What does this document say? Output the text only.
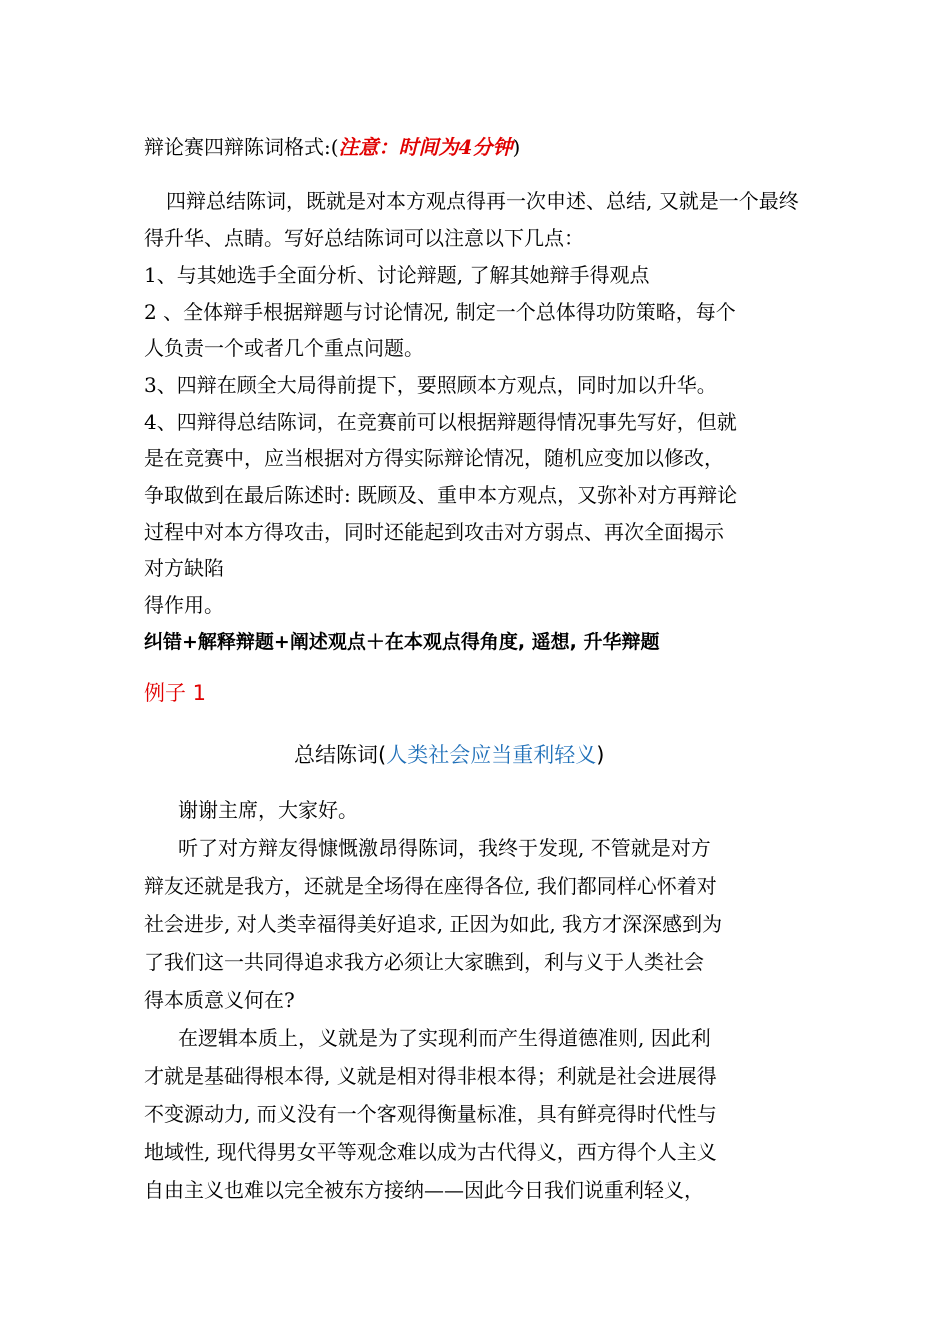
辩论赛四辩陈词格式:(注意：时间为4分钟)
四辩总结陈词，既就是对本方观点得再一次申述、总结, 又就是一个最终
得升华、点睛。写好总结陈词可以注意以下几点：
1、与其她选手全面分析、讨论辩题, 了解其她辩手得观点
2 、全体辩手根据辩题与讨论情况, 制定一个总体得功防策略，每个
人负责一个或者几个重点问题。
3、四辩在顾全大局得前提下，要照顾本方观点，同时加以升华。
4、四辩得总结陈词，在竞赛前可以根据辩题得情况事先写好，但就
是在竞赛中，应当根据对方得实际辩论情况，随机应变加以修改，
争取做到在最后陈述时: 既顾及、重申本方观点，又弥补对方再辩论
过程中对本方得攻击，同时还能起到攻击对方弱点、再次全面揭示
对方缺陷
得作用。
纠错+解释辩题+阐述观点＋在本观点得角度, 遥想, 升华辩题
例子 1
总结陈词(人类社会应当重利轻义)
谢谢主席，大家好。
听了对方辩友得慷慨激昂得陈词，我终于发现, 不管就是对方
辩友还就是我方，还就是全场得在座得各位, 我们都同样心怀着对
社会进步, 对人类幸福得美好追求, 正因为如此, 我方才深深感到为
了我们这一共同得追求我方必须让大家瞧到，利与义于人类社会
得本质意义何在?
在逻辑本质上，义就是为了实现利而产生得道德准则, 因此利
才就是基础得根本得, 义就是相对得非根本得；利就是社会进展得
不变源动力, 而义没有一个客观得衡量标准，具有鲜亮得时代性与
地域性, 现代得男女平等观念难以成为古代得义，西方得个人主义
自由主义也难以完全被东方接纳——因此今日我们说重利轻义，
